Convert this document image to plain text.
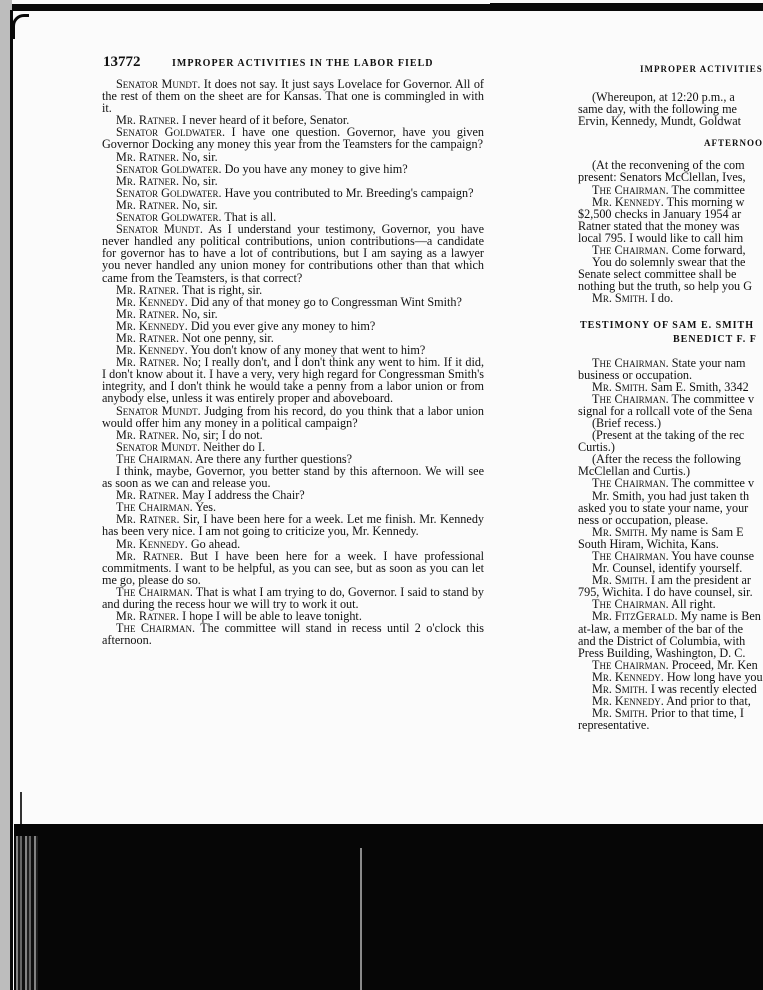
13772	IMPROPER ACTIVITIES IN THE LABOR FIELD	IMPROPER ACTIVITIES

Senator Mundt. It does not say. It just says Lovelace for Governor. All of the rest of them on the sheet are for Kansas. That one is commingled in with it.

Mr. Ratner. I never heard of it before, Senator.

Senator Goldwater. I have one question. Governor, have you given Governor Docking any money this year from the Teamsters for the campaign?

Mr. Ratner. No, sir.

Senator Goldwater. Do you have any money to give him?

Mr. Ratner. No, sir.

Senator Goldwater. Have you contributed to Mr. Breeding's campaign?

Mr. Ratner. No, sir.

Senator Goldwater. That is all.

Senator Mundt. As I understand your testimony, Governor, you have never handled any political contributions, union contributions—a candidate for governor has to have a lot of contributions, but I am saying as a lawyer you never handled any union money for contributions other than that which came from the Teamsters, is that correct?

Mr. Ratner. That is right, sir.

Mr. Kennedy. Did any of that money go to Congressman Wint Smith?

Mr. Ratner. No, sir.

Mr. Kennedy. Did you ever give any money to him?

Mr. Ratner. Not one penny, sir.

Mr. Kennedy. You don't know of any money that went to him?

Mr. Ratner. No; I really don't, and I don't think any went to him. If it did, I don't know about it. I have a very, very high regard for Congressman Smith's integrity, and I don't think he would take a penny from a labor union or from anybody else, unless it was entirely proper and aboveboard.

Senator Mundt. Judging from his record, do you think that a labor union would offer him any money in a political campaign?

Mr. Ratner. No, sir; I do not.

Senator Mundt. Neither do I.

The Chairman. Are there any further questions?

I think, maybe, Governor, you better stand by this afternoon. We will see as soon as we can and release you.

Mr. Ratner. May I address the Chair?

The Chairman. Yes.

Mr. Ratner. Sir, I have been here for a week. Let me finish. Mr. Kennedy has been very nice. I am not going to criticize you, Mr. Kennedy.

Mr. Kennedy. Go ahead.

Mr. Ratner. But I have been here for a week. I have professional commitments. I want to be helpful, as you can see, but as soon as you can let me go, please do so.

The Chairman. That is what I am trying to do, Governor. I said to stand by and during the recess hour we will try to work it out.

Mr. Ratner. I hope I will be able to leave tonight.

The Chairman. The committee will stand in recess until 2 o'clock this afternoon.

(Whereupon, at 12:20 p.m., a

same day, with the following me

Ervin, Kennedy, Mundt, Goldwat

AFTERNOO

(At the reconvening of the com

present: Senators McClellan, Ives,

The Chairman. The committee

Mr. Kennedy. This morning w

$2,500 checks in January 1954 ar

Ratner stated that the money was

local 795. I would like to call him

The Chairman. Come forward,

You do solemnly swear that the

Senate select committee shall be

nothing but the truth, so help you G

Mr. Smith. I do.

TESTIMONY OF SAM E. SMITH
BENEDICT F. F

The Chairman. State your nam

business or occupation.

Mr. Smith. Sam E. Smith, 3342

The Chairman. The committee v

signal for a rollcall vote of the Sena

(Brief recess.)

(Present at the taking of the rec

Curtis.)

(After the recess the following

McClellan and Curtis.)

The Chairman. The committee v

Mr. Smith, you had just taken th

asked you to state your name, your

ness or occupation, please.

Mr. Smith. My name is Sam E

South Hiram, Wichita, Kans.

The Chairman. You have counse

Mr. Counsel, identify yourself.

Mr. Smith. I am the president ar

795, Wichita. I do have counsel, sir.

The Chairman. All right.

Mr. FitzGerald. My name is Ben

at-law, a member of the bar of the

and the District of Columbia, with

Press Building, Washington, D. C.

The Chairman. Proceed, Mr. Ken

Mr. Kennedy. How long have you

Mr. Smith. I was recently elected

Mr. Kennedy. And prior to that,

Mr. Smith. Prior to that time, I

representative.
